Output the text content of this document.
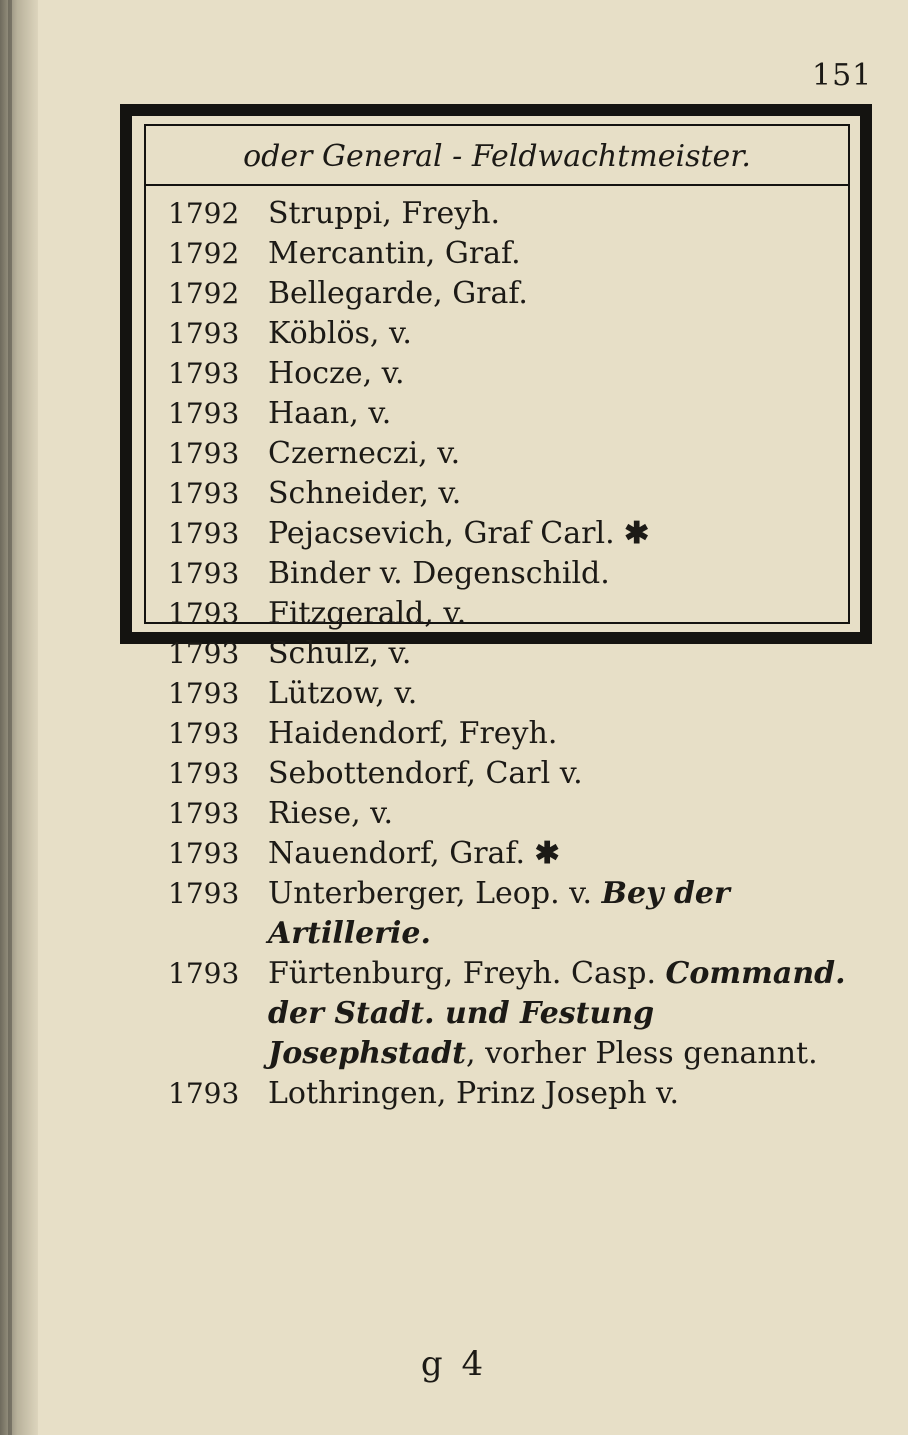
151
oder General - Feldwachtmeister.
1792 Struppi, Freyh.
1792 Mercantin, Graf.
1792 Bellegarde, Graf.
1793 Köblös, v.
1793 Hocze, v.
1793 Haan, v.
1793 Czerneczi, v.
1793 Schneider, v.
1793 Pejacsevich, Graf Carl. ✱
1793 Binder v. Degenschild.
1793 Fitzgerald, v.
1793 Schulz, v.
1793 Lützow, v.
1793 Haidendorf, Freyh.
1793 Sebottendorf, Carl v.
1793 Riese, v.
1793 Nauendorf, Graf. ✱
1793 Unterberger, Leop. v. Bey der Artillerie.
1793 Fürtenburg, Freyh. Casp. Command. der Stadt. und Festung Josephstadt, vorher Pless genannt.
1793 Lothringen, Prinz Joseph v.
g 4
